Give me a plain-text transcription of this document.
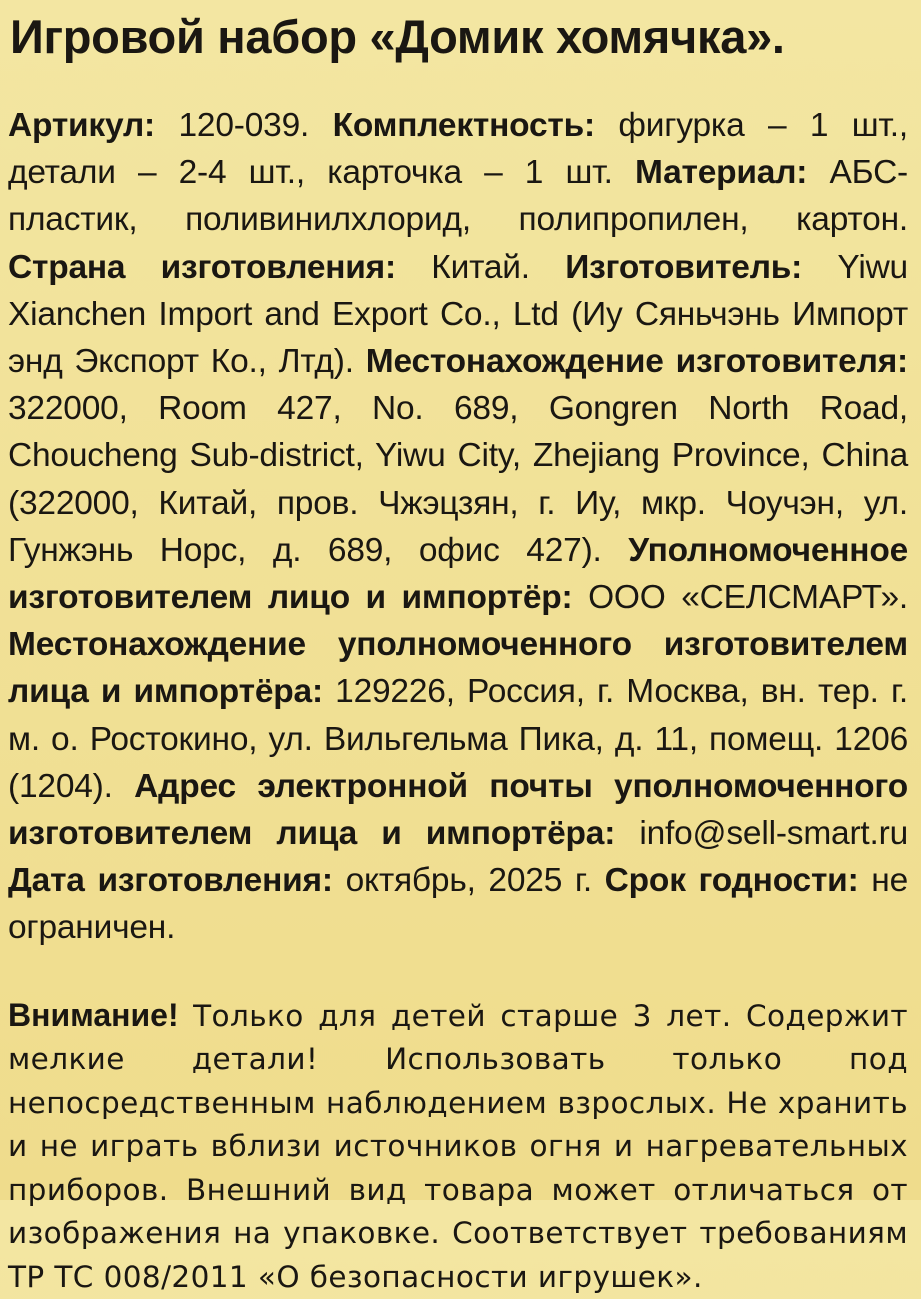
Игровой набор «Домик хомячка».

Артикул: 120-039. Комплектность: фигурка – 1 шт., детали – 2-4 шт., карточка – 1 шт. Материал: АБС-пластик, поливинилхлорид, полипропилен, картон. Страна изготовления: Китай. Изготовитель: Yiwu Xianchen Import and Export Co., Ltd (Иу Сяньчэнь Импорт энд Экспорт Ко., Лтд). Местонахождение изготовителя: 322000, Room 427, No. 689, Gongren North Road, Choucheng Sub-district, Yiwu City, Zhejiang Province, China (322000, Китай, пров. Чжэцзян, г. Иу, мкр. Чоучэн, ул. Гунжэнь Норс, д. 689, офис 427). Уполномоченное изготовителем лицо и импортёр: ООО «СЕЛСМАРТ». Местонахождение уполномоченного изготовителем лица и импортёра: 129226, Россия, г. Москва, вн. тер. г. м. о. Ростокино, ул. Вильгельма Пика, д. 11, помещ. 1206 (1204). Адрес электронной почты уполномоченного изготовителем лица и импортёра: info@sell-smart.ru Дата изготовления: октябрь, 2025 г. Срок годности: не ограничен.

Внимание! Только для детей старше 3 лет. Содержит мелкие детали! Использовать только под непосредственным наблюдением взрослых. Не хранить и не играть вблизи источников огня и нагревательных приборов. Внешний вид товара может отличаться от изображения на упаковке. Соответствует требованиям ТР ТС 008/2011 «О безопасности игрушек».
